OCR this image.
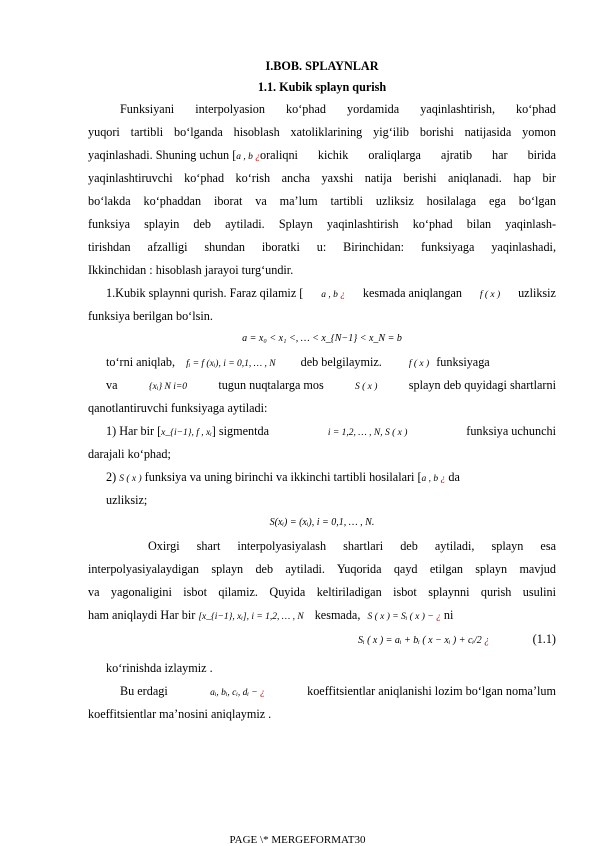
I.BOB. SPLAYNLAR
1.1. Kubik splayn qurish
Funksiyani interpolyasion ko‘phad yordamida yaqinlashtirish, ko‘phad
yuqori tartibli bo‘lganda hisoblash xatoliklarining yig‘ilib borishi natijasida yomon
yaqinlashadi. Shuning uchun [a , b ¿ oraliqni kichik oraliqlarga ajratib har birida
yaqinlashtiruvchi ko‘phad ko‘rish ancha yaxshi natija berishi aniqlanadi. hap bir
bo‘lakda ko‘phaddan iborat va ma’lum tartibli uzliksiz hosilalaga ega bo‘lgan
funksiya splayin deb aytiladi. Splayn yaqinlashtirish ko‘phad bilan yaqinlash-
tirishdan afzalligi shundan iboratki u: Birinchidan: funksiyaga yaqinlashadi,
Ikkinchidan : hisoblash jarayoi turg‘undir.
1.Kubik splaynni qurish. Faraz qilamiz [ a , b ¿ kesmada aniqlangan f ( x ) uzliksiz
funksiya berilgan bo‘lsin.
a = x₀ < x₁ <, … < x_{N−1} < x_N = b
to‘rni aniqlab, fᵢ = f (xᵢ), i = 0,1, … , N deb belgilaymiz.	f ( x ) funksiyaga
va	{xᵢ} N i=0	tugun nuqtalarga mos	S ( x )	splayn deb quyidagi shartlarni
qanotlantiruvchi funksiyaga aytiladi:
1) Har bir [x_{i−1}, f , xᵢ] sigmentda	i = 1,2, … , N, S ( x )	funksiya uchunchi
darajali ko‘phad;
2) S ( x ) funksiya va uning birinchi va ikkinchi tartibli hosilalari [a , b ¿ da
uzliksiz;
S(xᵢ) = (xᵢ), i = 0,1, … , N.
Oxirgi shart interpolyasiyalash shartlari deb aytiladi, splayn esa
interpolyasiyalaydigan splayn deb aytiladi. Yuqorida qayd etilgan splayn mavjud
va yagonaligini isbot qilamiz. Quyida keltiriladigan isbot splaynni qurish usulini
ham aniqlaydi Har bir [x_{i−1}, xᵢ], i = 1,2, … , N kesmada, S ( x ) = Sᵢ ( x ) − ¿ ni
Sᵢ ( x ) = aᵢ + bᵢ ( x − xᵢ ) + cᵢ/2 ¿	(1.1)
ko‘rinishda izlaymiz .
Bu erdagi	aᵢ, bᵢ, cᵢ, dᵢ − ¿	koeffitsientlar aniqlanishi lozim bo‘lgan noma’lum
koeffitsientlar ma’nosini aniqlaymiz .
PAGE \* MERGEFORMAT30
